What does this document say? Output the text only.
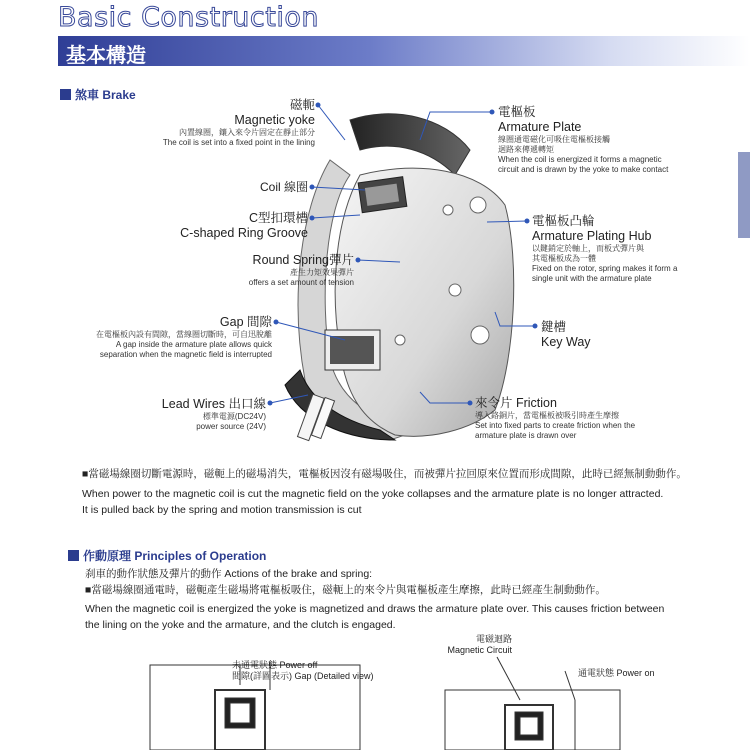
Basic Construction
基本構造
煞車 Brake
磁軛
Magnetic yoke
內置線圈，鑲入來令片固定在靜止部分
The coil is set into a fixed point in the lining
Coil 線圈
C型扣環槽
C-shaped Ring Groove
Round Spring彈片
產生力矩效果彈片
offers a set amount of tension
Gap 間隙
在電樞板內設有間隙，當線圈切斷時，可自迅脫離
A gap inside the armature plate allows quick
separation when the magnetic field is interrupted
Lead Wires 出口線
標準電源(DC24V)
power source (24V)
電樞板
Armature Plate
線圈通電磁化可吸住電樞板接觸
迴路來傳遞轉矩
When the coil is energized it forms a magnetic
circuit and is drawn by the yoke to make contact
電樞板凸輪
Armature Plating Hub
以鍵銷定於軸上，而板式彈片與
其電樞板成為一體
Fixed on the rotor, spring makes it form a
single unit with the armature plate
鍵槽
Key Way
來令片 Friction
導入鉻銅片，當電樞板被吸引時產生摩擦
Set into fixed parts to create friction when the
armature plate is drawn over
■當磁場線圈切斷電源時，磁軛上的磁場消失，電樞板因沒有磁場吸住，而被彈片拉回原來位置而形成間隙，此時已經無制動動作。
When power to the magnetic coil is cut the magnetic field on the yoke collapses and the armature plate is no longer attracted.
It is pulled back by the spring and motion transmission is cut
作動原理 Principles of Operation
刹車的動作狀態及彈片的動作 Actions of the brake and spring:
■當磁場線圈通電時，磁軛產生磁場將電樞板吸住，磁軛上的來令片與電樞板產生摩擦，此時已經產生制動動作。
When the magnetic coil is energized the yoke is magnetized and draws the armature plate over. This causes friction between
the lining on the yoke and the armature, and the clutch is engaged.
未通電狀態 Power off
間隙(詳圖表示) Gap (Detailed view)
電磁迴路
Magnetic Circuit
通電狀態 Power on
